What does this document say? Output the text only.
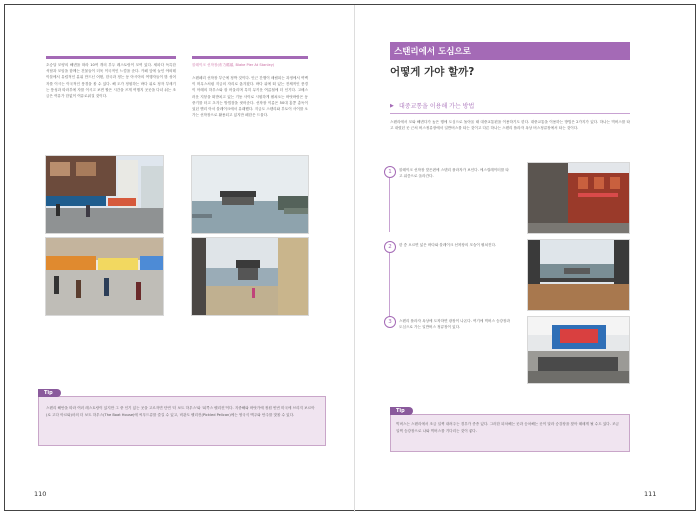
초승달 모양의 해변을 따라 10여 개의 부두 레스토랑이 모여 있다. 세파다 독특한 석답과 모임을 함께는 건물들이 더욱 이국적인 느낌을 준다. 카페 앞에 늘인 야외테이블에서 유럽적인 분위 만드닌 어떤, 한국과 정는 동 아시아의 여행자들이 많 성어 자를 이시는 이국적인 풍경을 볼 수 있다. 해 도가 정원하는 바다 위로 정자 부새기는 풍성과 따라부에 자를 이시고 보면 할은 시간을 즈게 여행지 곳곳을 다녀 쉬는 조금은 여유가 한없이 여유로워질 것이다.
블레이크 선착장(布力碼頭, Blake Pier At Stanley)
스탠페리 선착장 부근에 정박 것이다. 인근 간행이 매립되는 과정에서 여백이 머무스처럼 지금의 자리로 옮겨졌다. 바다 위에 떠 있는 전체적인 풍경이 아레의 하우스와 잘 어울리며 특히 무키운 여름철에 더 인기다. 고배스러운 지붕을 떠받치고 있는 기둥 사이로 시원하게 펼쳐오는 바닷바람은 동중기를 터고 초겨는 방법잠을 씻어준다. 선착장 이름은 50대 홍콩 총독이었던 헨리 아서 블레이크에서 유래했다. 지금도 스텐리와 부토이 사이를 오가는 선착장으로 활용되고 있지만 페한은 드물다.
Tip
스텐리 해안을 따라 여러 레스토랑이 있지만 그 중 인기 있는 곳을 고르자면 단연 '더 보트 하우스'와 '피콕스 펠리컨'이다. 지중해와 바닷가에 정원 빈번 미국에 브리지 보르아(로 고다 아르와)마의 더 보트 하우스(The Boat House)에 씨푸드류를 즐길 수 있고, 비관도 펠리컨(Pickled Pelican)에는 영국식 맥주와 안주를 맛볼 수 있다.
110
스탠리에서 도심으로
어떻게 가야 할까?
▶ 대중교통을 이용해 가는 방법
스탠리에서 모와 해변다가 높은 행에 도심으로 돌아올 때 대중교통편을 이용하기도 한다. 대중교통을 이용하는 방법은 2가지가 있다. 하나는 빅버스를 타고 내렸던 곳 근처 버스정류장에서 일반버스를 타는 것이고 다른 하나는 스텐리 플라자 옥상 버스정류장에서 타는 것이다.
1	블레이크 선착장 맞은편에 스텐리 플라자가 보인다. 에스컬레이터를 타고 위층으로 올라간다.
2	한 층 오르면 넓은 바다와 블레이크 선착장의 모습이 펼쳐진다.
3	스텐리 플라자 옥상에 도착하면 광장이 나온다. 여기에 빅버스 승강장과 도심으로 가는 일반버스 정류장이 있다.
Tip
빅버스는 스탠리에서 조금 일찍 내려주는 경우가 종종 있다. 그러한 되차해는 곳과 승차해는 곳이 달라 승강장을 찾아 헤매게 될 수도 있다. 조금 일찍 승강장으로 나와 빅버스를 기다리는 것이 좋다.
111
